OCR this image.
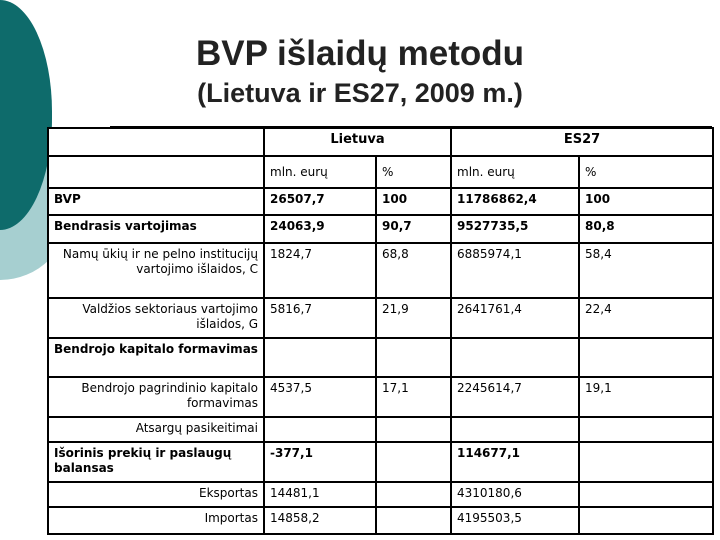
BVP išlaidų metodu
(Lietuva ir ES27, 2009 m.)
	Lietuva		ES27	
	mln. eurų	%	mln. eurų	%
BVP	26507,7	100	11786862,4	100
Bendrasis vartojimas	24063,9	90,7	9527735,5	80,8
Namų ūkių ir ne pelno institucijų vartojimo išlaidos, C	1824,7	68,8	6885974,1	58,4
Valdžios sektoriaus vartojimo išlaidos, G	5816,7	21,9	2641761,4	22,4
Bendrojo kapitalo formavimas				
Bendrojo pagrindinio kapitalo formavimas	4537,5	17,1	2245614,7	19,1
Atsargų pasikeitimai				
Išorinis prekių ir paslaugų balansas	-377,1		114677,1	
Eksportas	14481,1		4310180,6	
Importas	14858,2		4195503,5	
